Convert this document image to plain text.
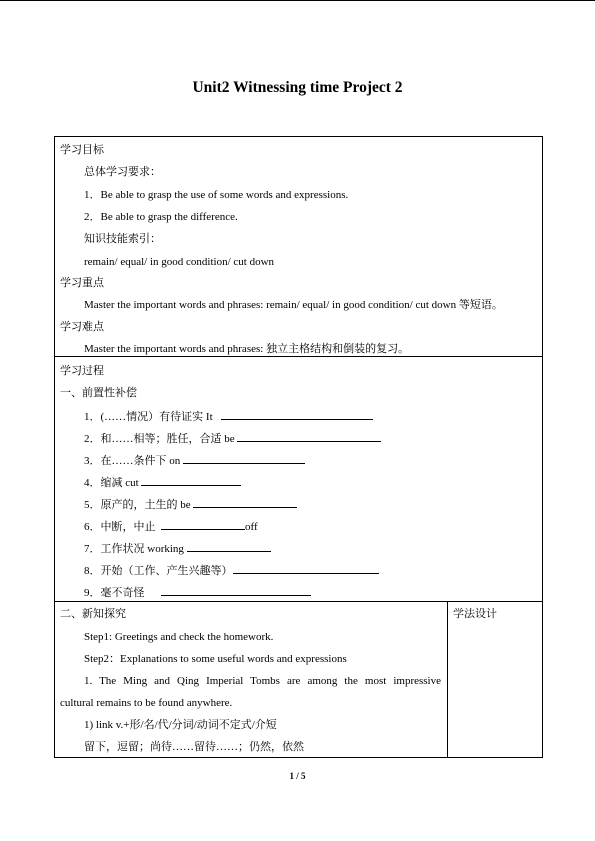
Unit2 Witnessing time Project 2
学习目标
总体学习要求：
1．Be able to grasp the use of some words and expressions.
2．Be able to grasp the difference.
知识技能索引：
remain/ equal/ in good condition/ cut down
学习重点
Master the important words and phrases: remain/ equal/ in good condition/ cut down 等短语。
学习难点
Master the important words and phrases: 独立主格结构和倒装的复习。
学习过程
一、前置性补偿
1．(……情况）有待证实 It
2．和……相等；胜任，合适 be
3．在……条件下 on
4．缩减 cut
5．原产的，土生的 be
6．中断，中止	off
7．工作状况 working
8．开始（工作、产生兴趣等）
9．毫不奇怪
二、新知探究	学法设计
Step1: Greetings and check the homework.
Step2：Explanations to some useful words and expressions
1. The Ming and Qing Imperial Tombs are among the most impressive
cultural remains to be found anywhere.
1) link v.+形/名/代/分词/动词不定式/介短
留下，逗留；尚待……留待……；仍然，依然
1 / 5
